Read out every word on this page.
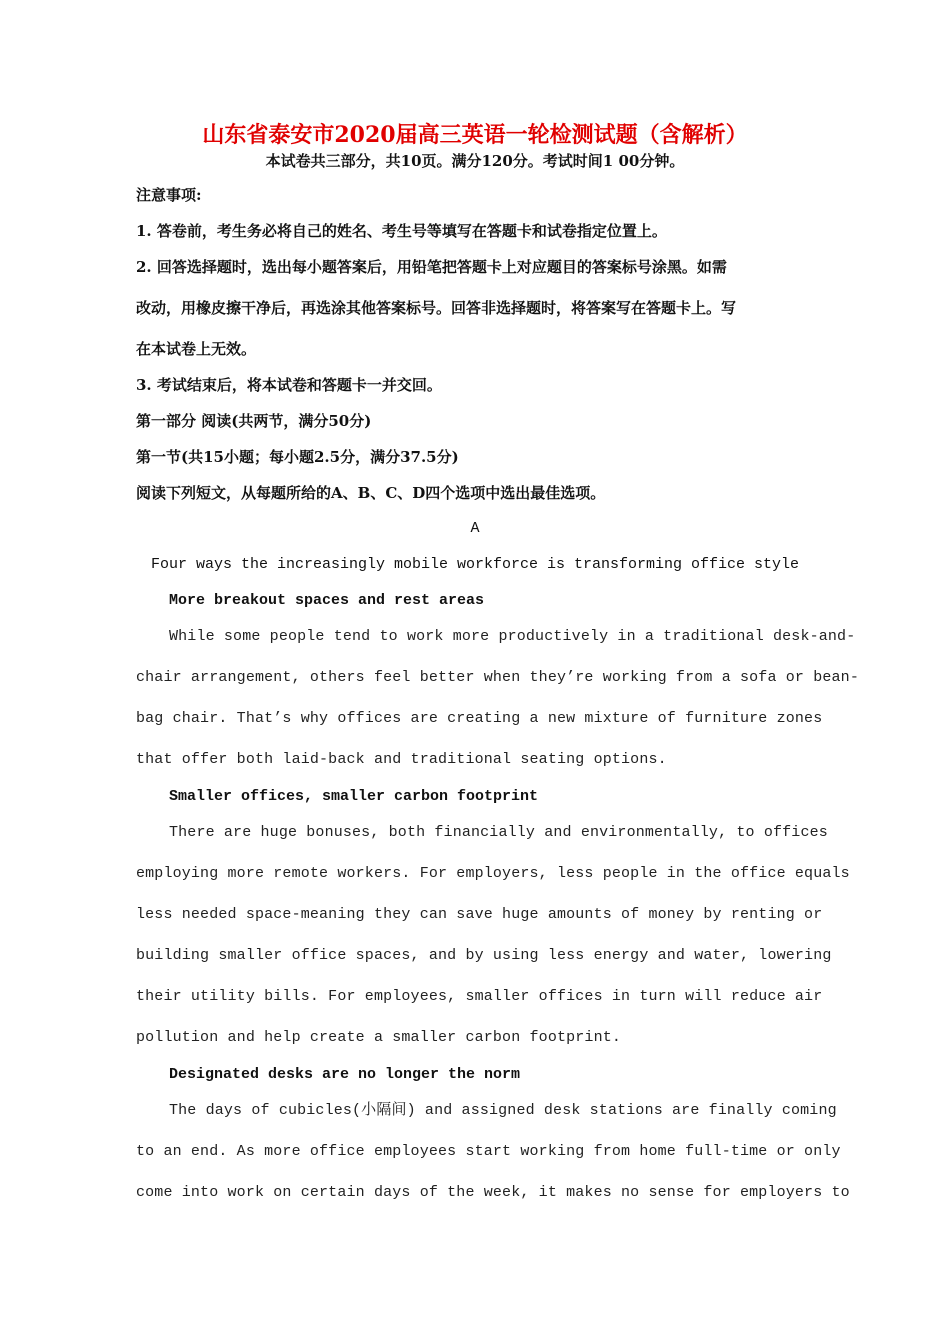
山东省泰安市2020届高三英语一轮检测试题（含解析）
本试卷共三部分，共10页。满分120分。考试时间1 00分钟。
注意事项:
1. 答卷前，考生务必将自己的姓名、考生号等填写在答题卡和试卷指定位置上。
2. 回答选择题时，选出每小题答案后，用铅笔把答题卡上对应题目的答案标号涂黑。如需
改动，用橡皮擦干净后，再选涂其他答案标号。回答非选择题时，将答案写在答题卡上。写
在本试卷上无效。
3. 考试结束后，将本试卷和答题卡一并交回。
第一部分 阅读(共两节，满分50分)
第一节(共15小题；每小题2.5分，满分37.5分)
阅读下列短文，从每题所给的A、B、C、D四个选项中选出最佳选项。
A
Four ways the increasingly mobile workforce is transforming office style
More breakout spaces and rest areas
While some people tend to work more productively in a traditional desk-and-
chair arrangement, others feel better when they’re working from a sofa or bean-
bag chair. That’s why offices are creating a new mixture of furniture zones
that offer both laid-back and traditional seating options.
Smaller offices, smaller carbon footprint
There are huge bonuses, both financially and environmentally, to offices
employing more remote workers. For employers, less people in the office equals
less needed space-meaning they can save huge amounts of money by renting or
building smaller office spaces, and by using less energy and water, lowering
their utility bills. For employees, smaller offices in turn will reduce air
pollution and help create a smaller carbon footprint.
Designated desks are no longer the norm
The days of cubicles(小隔间) and assigned desk stations are finally coming
to an end. As more office employees start working from home full-time or only
come into work on certain days of the week, it makes no sense for employers to
